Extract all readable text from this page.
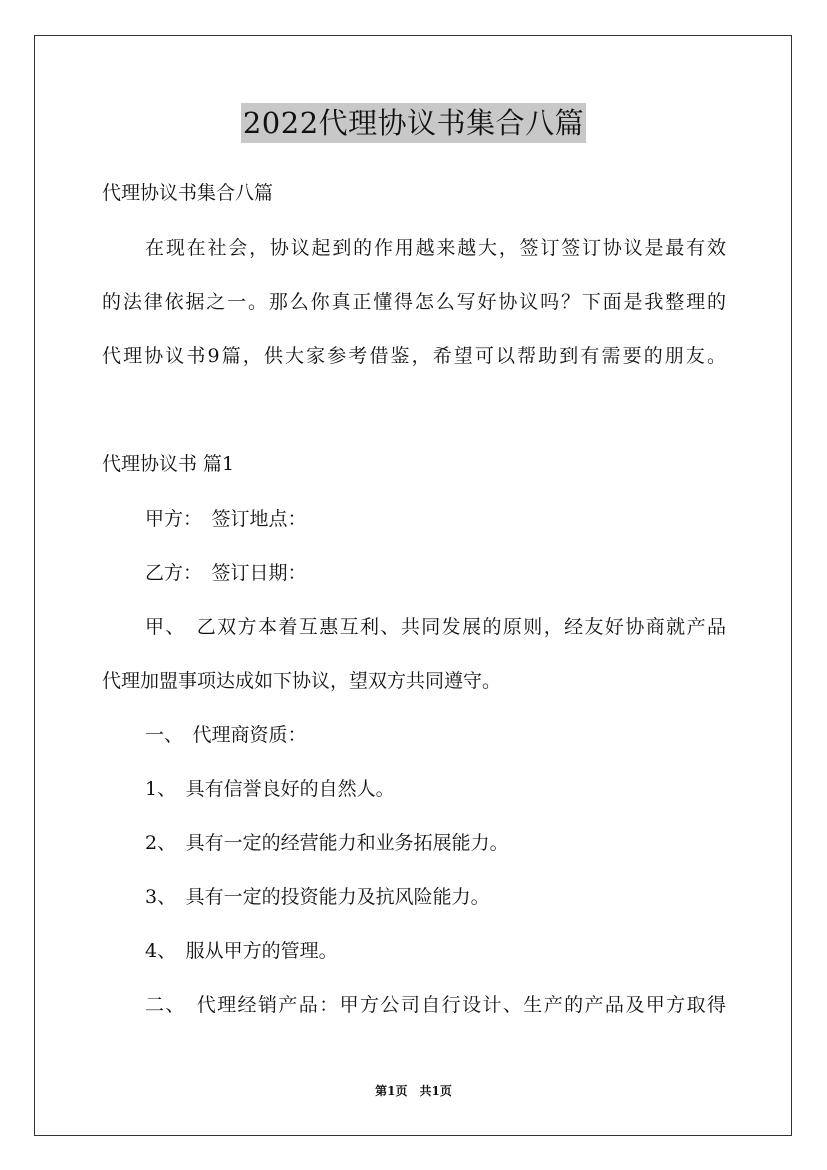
2022代理协议书集合八篇
代理协议书集合八篇
在现在社会，协议起到的作用越来越大，签订签订协议是最有效
的法律依据之一。那么你真正懂得怎么写好协议吗？下面是我整理的
代理协议书9篇，供大家参考借鉴，希望可以帮助到有需要的朋友。
代理协议书 篇1
甲方：　签订地点：
乙方：　签订日期：
甲、　乙双方本着互惠互利、共同发展的原则，经友好协商就产品
代理加盟事项达成如下协议，望双方共同遵守。
一、　代理商资质：
1、　具有信誉良好的自然人。
2、　具有一定的经营能力和业务拓展能力。
3、　具有一定的投资能力及抗风险能力。
4、　服从甲方的管理。
二、　代理经销产品：甲方公司自行设计、生产的产品及甲方取得
第1页　共1页
